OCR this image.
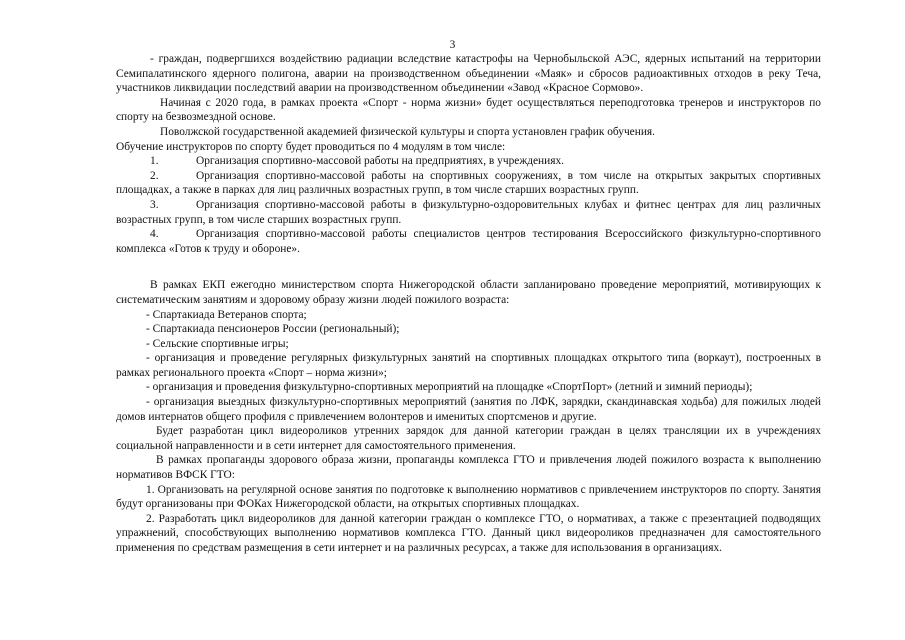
3

- граждан, подвергшихся воздействию радиации вследствие катастрофы на Чернобыльской АЭС, ядерных испытаний на территории Семипалатинского ядерного полигона, аварии на производственном объединении «Маяк» и сбросов радиоактивных отходов в реку Теча, участников ликвидации последствий аварии на производственном объединении «Завод «Красное Сормово».

Начиная с 2020 года, в рамках проекта «Спорт - норма жизни» будет осуществляться переподготовка тренеров и инструкторов по спорту на безвозмездной основе.

Поволжской государственной академией физической культуры и спорта установлен график обучения.

Обучение инструкторов по спорту будет проводиться по 4 модулям в том числе:

1.	Организация спортивно-массовой работы на предприятиях, в учреждениях.

2.	Организация спортивно-массовой работы на спортивных сооружениях, в том числе на открытых закрытых спортивных площадках, а также в парках для лиц различных возрастных групп, в том числе старших возрастных групп.

3.	Организация спортивно-массовой работы в физкультурно-оздоровительных клубах и фитнес центрах для лиц различных возрастных групп, в том числе старших возрастных групп.

4.	Организация спортивно-массовой работы специалистов центров тестирования Всероссийского физкультурно-спортивного комплекса «Готов к труду и обороне».

В рамках ЕКП ежегодно министерством спорта Нижегородской области запланировано проведение мероприятий, мотивирующих к систематическим занятиям и здоровому образу жизни людей пожилого возраста:

- Спартакиада Ветеранов спорта;

- Спартакиада пенсионеров России (региональный);

- Сельские спортивные игры;

- организация и проведение регулярных физкультурных занятий на спортивных площадках открытого типа (воркаут), построенных в рамках регионального проекта «Спорт – норма жизни»;

- организация и проведения физкультурно-спортивных мероприятий на площадке «СпортПорт» (летний и зимний периоды);

- организация выездных физкультурно-спортивных мероприятий (занятия по ЛФК, зарядки, скандинавская ходьба) для пожилых людей домов интернатов общего профиля с привлечением волонтеров и именитых спортсменов и другие.

Будет разработан цикл видеороликов утренних зарядок для данной категории граждан в целях трансляции их в учреждениях социальной направленности и в сети интернет для самостоятельного применения.

В рамках пропаганды здорового образа жизни, пропаганды комплекса ГТО и привлечения людей пожилого возраста к выполнению нормативов ВФСК ГТО:

1. Организовать на регулярной основе занятия по подготовке к выполнению нормативов с привлечением инструкторов по спорту. Занятия будут организованы при ФОКах Нижегородской области, на открытых спортивных площадках.

2. Разработать цикл видеороликов для данной категории граждан о комплексе ГТО, о нормативах, а также с презентацией подводящих упражнений, способствующих выполнению нормативов комплекса ГТО. Данный цикл видеороликов предназначен для самостоятельного применения по средствам размещения в сети интернет и на различных ресурсах, а также для использования в организациях.
